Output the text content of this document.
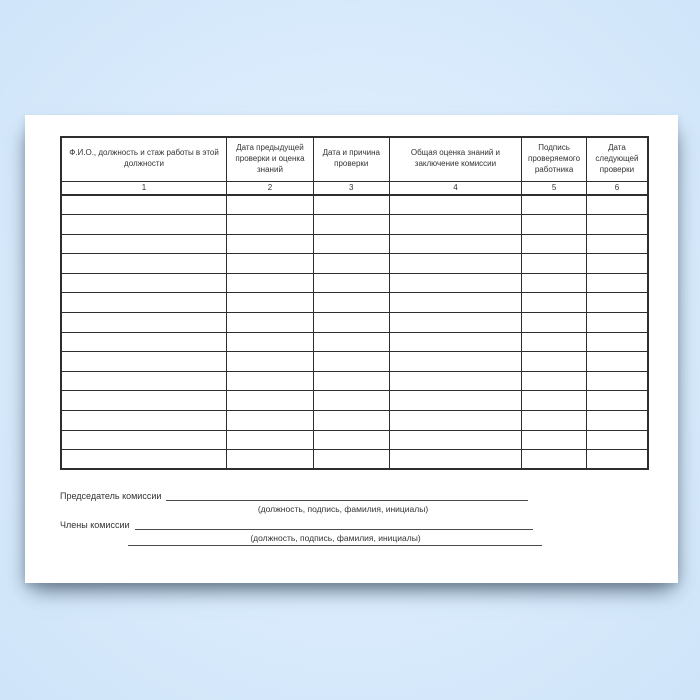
Ф.И.О., должность и стаж работы в этой должности	Дата предыдущей проверки и оценка знаний	Дата и причина проверки	Общая оценка знаний и заключение комиссии	Подпись проверяемого работника	Дата следующей проверки
1	2	3	4	5	6

Председатель комиссии
(должность, подпись, фамилия, инициалы)
Члены комиссии
(должность, подпись, фамилия, инициалы)
